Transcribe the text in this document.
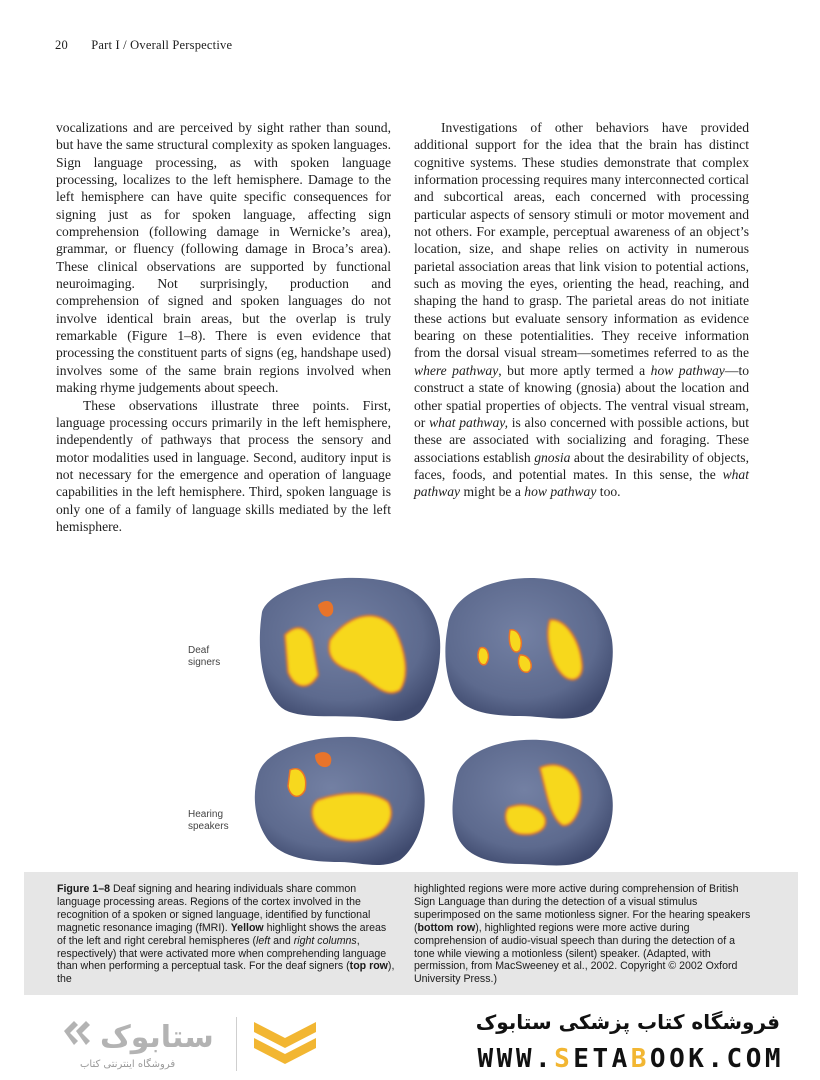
20 Part I / Overall Perspective

vocalizations and are perceived by sight rather than sound, but have the same structural complexity as spoken languages. Sign language processing, as with spoken language processing, localizes to the left hemisphere. Damage to the left hemisphere can have quite specific consequences for signing just as for spoken language, affecting sign comprehension (following damage in Wernicke’s area), grammar, or fluency (following damage in Broca’s area). These clinical observations are supported by functional neuroimaging. Not surprisingly, production and comprehension of signed and spoken languages do not involve identical brain areas, but the overlap is truly remarkable (Figure 1–8). There is even evidence that processing the constituent parts of signs (eg, handshape used) involves some of the same brain regions involved when making rhyme judgements about speech.

These observations illustrate three points. First, language processing occurs primarily in the left hemisphere, independently of pathways that process the sensory and motor modalities used in language. Second, auditory input is not necessary for the emergence and operation of language capabilities in the left hemisphere. Third, spoken language is only one of a family of language skills mediated by the left hemisphere.

Investigations of other behaviors have provided additional support for the idea that the brain has distinct cognitive systems. These studies demonstrate that complex information processing requires many interconnected cortical and subcortical areas, each concerned with processing particular aspects of sensory stimuli or motor movement and not others. For example, perceptual awareness of an object’s location, size, and shape relies on activity in numerous parietal association areas that link vision to potential actions, such as moving the eyes, orienting the head, reaching, and shaping the hand to grasp. The parietal areas do not initiate these actions but evaluate sensory information as evidence bearing on these potentialities. They receive information from the dorsal visual stream—sometimes referred to as the where pathway, but more aptly termed a how pathway—to construct a state of knowing (gnosia) about the location and other spatial properties of objects. The ventral visual stream, or what pathway, is also concerned with possible actions, but these are associated with socializing and foraging. These associations establish gnosia about the desirability of objects, faces, foods, and potential mates. In this sense, the what pathway might be a how pathway too.

Deaf
signers
Hearing
speakers
Figure 1–8 Deaf signing and hearing individuals share common language processing areas. Regions of the cortex involved in the recognition of a spoken or signed language, identified by functional magnetic resonance imaging (fMRI). Yellow highlight shows the areas of the left and right cerebral hemispheres (left and right columns, respectively) that were activated more when comprehending language than when performing a perceptual task. For the deaf signers (top row), the
highlighted regions were more active during comprehension of British Sign Language than during the detection of a visual stimulus superimposed on the same motionless signer. For the hearing speakers (bottom row), highlighted regions were more active during comprehension of audio-visual speech than during the detection of a tone while viewing a motionless (silent) speaker. (Adapted, with permission, from MacSweeney et al., 2002. Copyright © 2002 Oxford University Press.)
ستابوک
فروشگاه اینترنتی کتاب
فروشگاه کتاب پزشکی ستابوک
WWW.SETABOOK.COM
